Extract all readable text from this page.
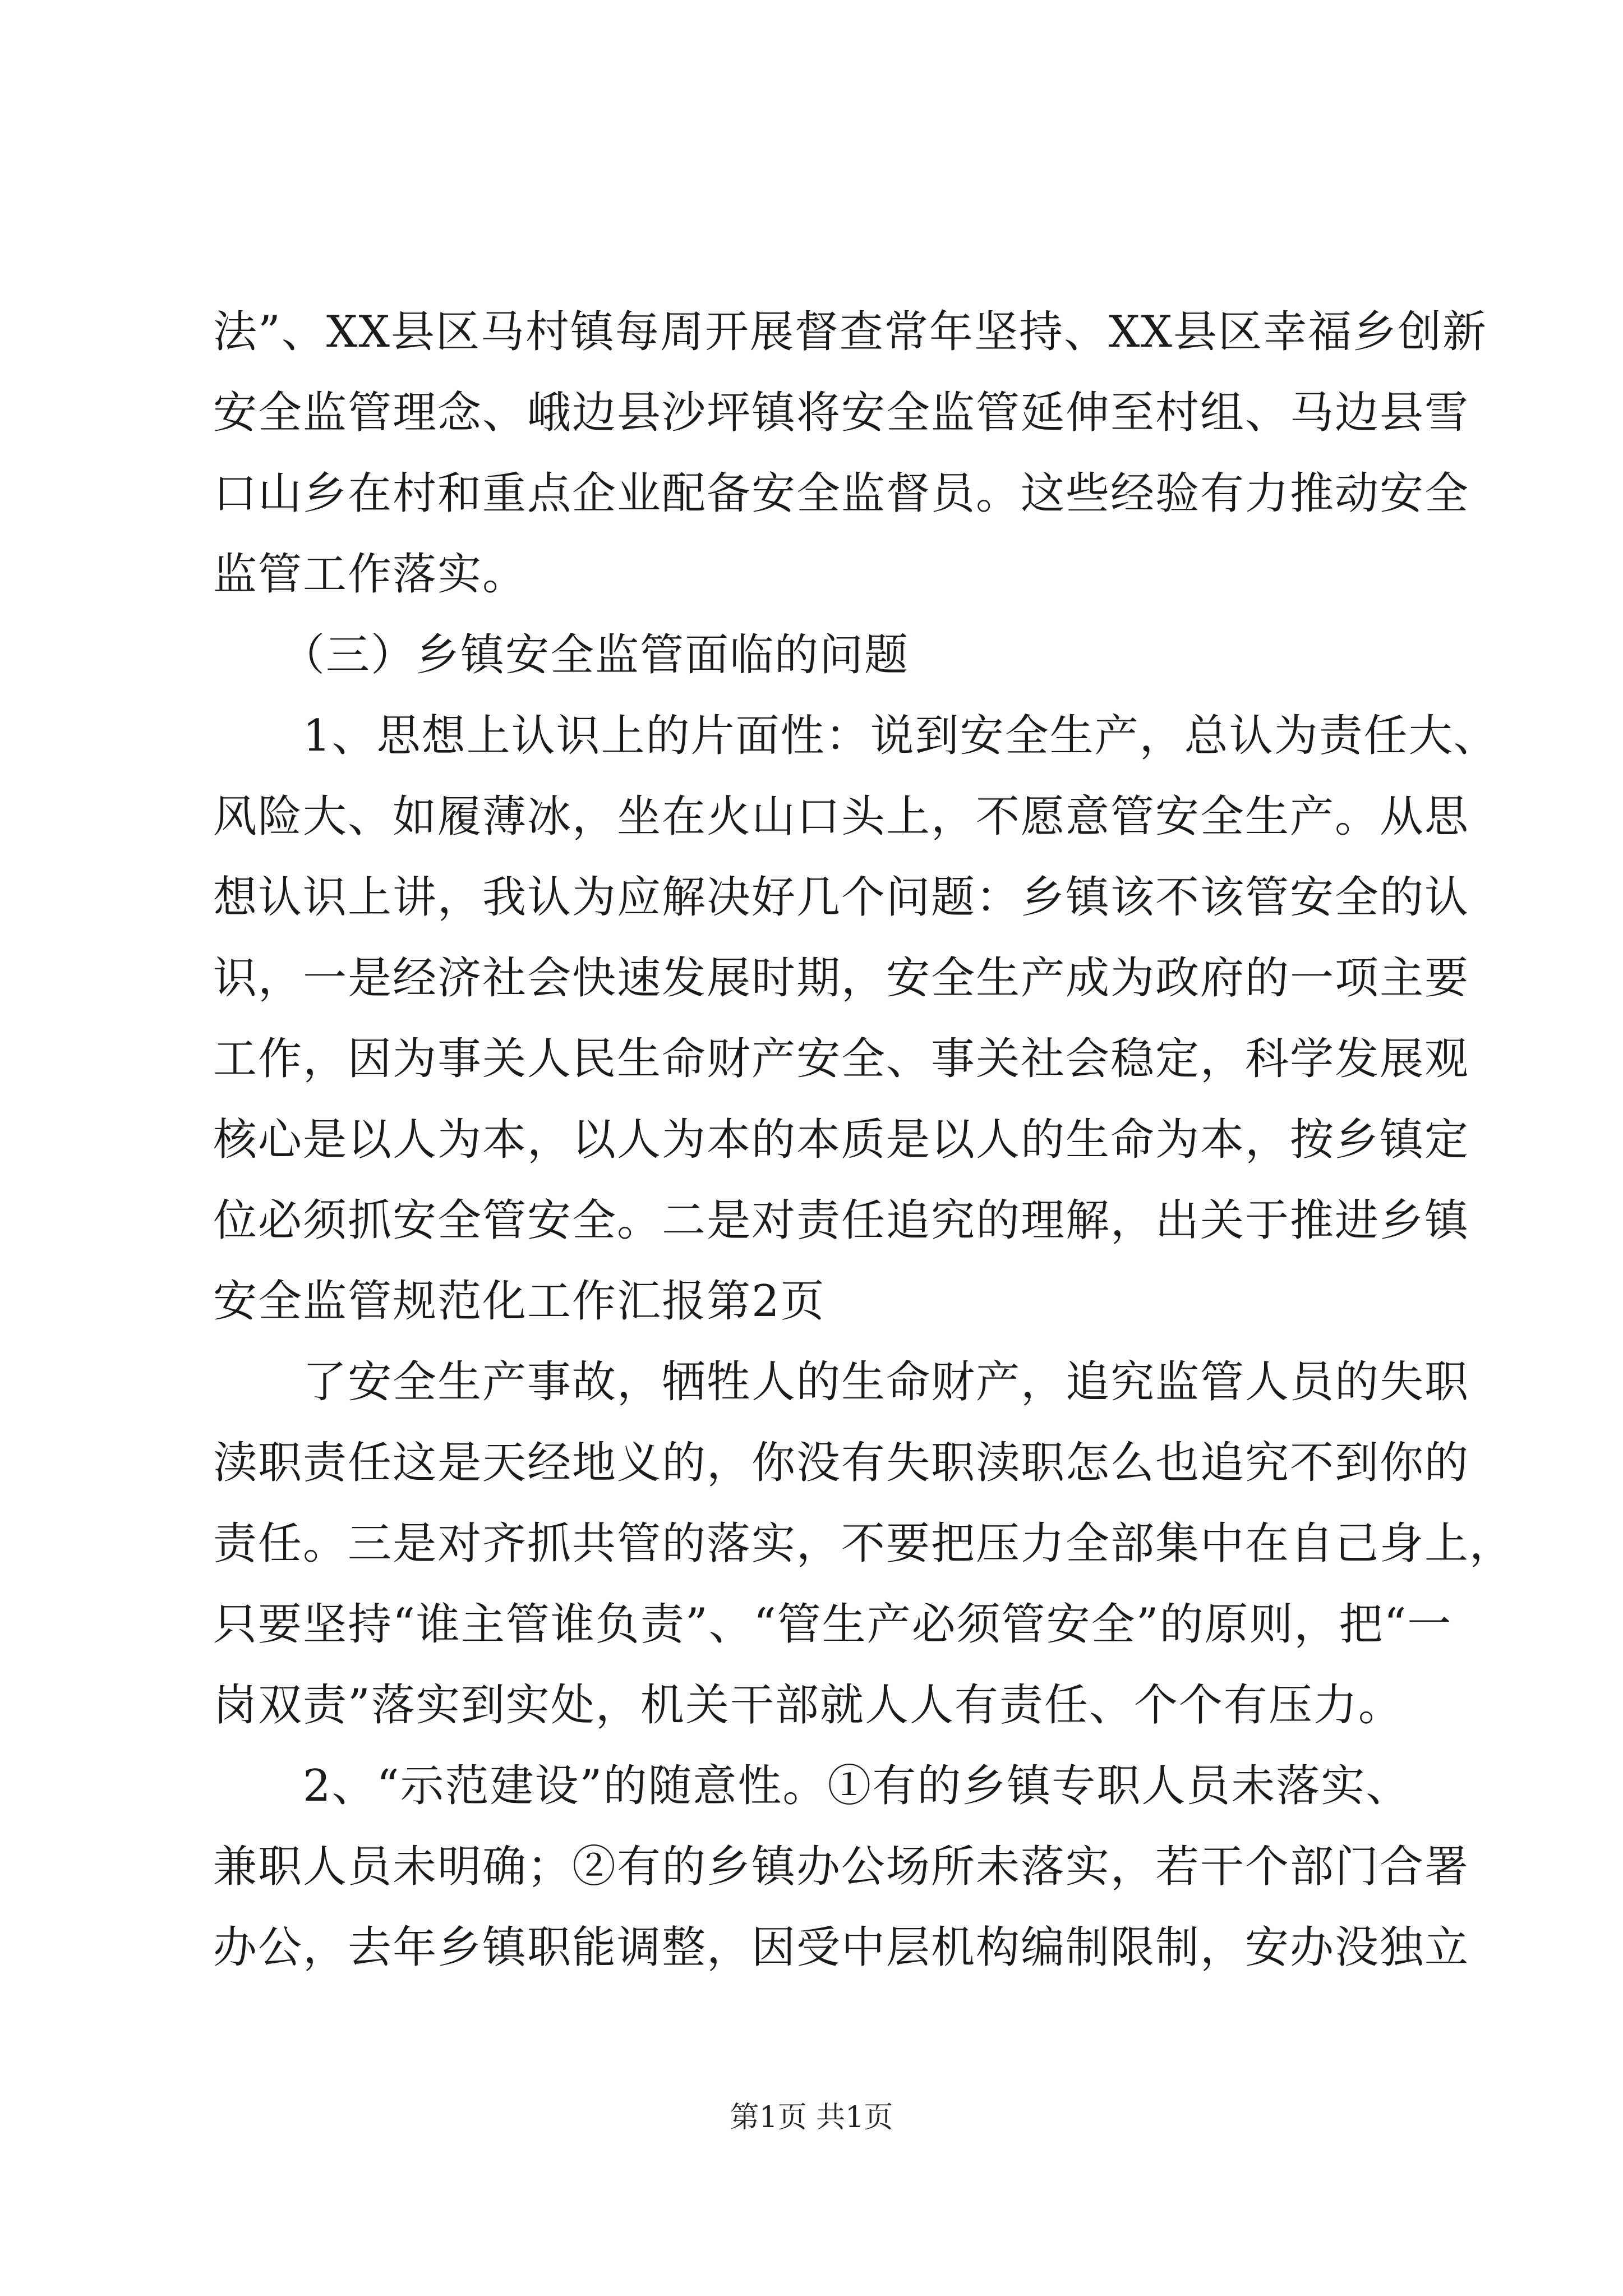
法”、XX县区马村镇每周开展督查常年坚持、XX县区幸福乡创新
安全监管理念、峨边县沙坪镇将安全监管延伸至村组、马边县雪
口山乡在村和重点企业配备安全监督员。这些经验有力推动安全
监管工作落实。
　　（三）乡镇安全监管面临的问题
　　1、思想上认识上的片面性：说到安全生产，总认为责任大、
风险大、如履薄冰，坐在火山口头上，不愿意管安全生产。从思
想认识上讲，我认为应解决好几个问题：乡镇该不该管安全的认
识，一是经济社会快速发展时期，安全生产成为政府的一项主要
工作，因为事关人民生命财产安全、事关社会稳定，科学发展观
核心是以人为本，以人为本的本质是以人的生命为本，按乡镇定
位必须抓安全管安全。二是对责任追究的理解，出关于推进乡镇
安全监管规范化工作汇报第2页
　　了安全生产事故，牺牲人的生命财产，追究监管人员的失职
渎职责任这是天经地义的，你没有失职渎职怎么也追究不到你的
责任。三是对齐抓共管的落实，不要把压力全部集中在自己身上，
只要坚持“谁主管谁负责”、“管生产必须管安全”的原则，把“一
岗双责”落实到实处，机关干部就人人有责任、个个有压力。
　　2、“示范建设”的随意性。①有的乡镇专职人员未落实、
兼职人员未明确；②有的乡镇办公场所未落实，若干个部门合署
办公，去年乡镇职能调整，因受中层机构编制限制，安办没独立
第1页 共1页
